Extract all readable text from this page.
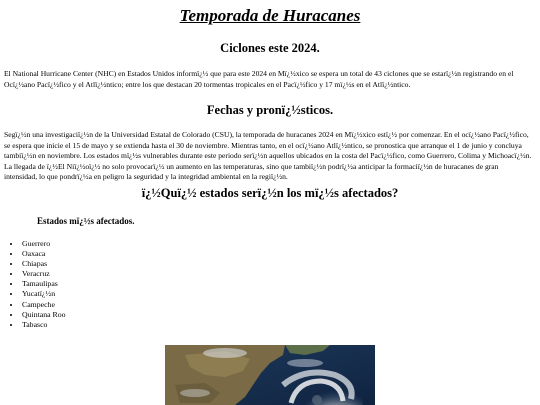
Temporada de Huracanes
Ciclones este 2024.

El National Hurricane Center (NHC) en Estados Unidos informï¿½ que para este 2024 en Mï¿½xico se espera un total de 43 ciclones que se estarï¿½n registrando en el Ocï¿½ano Pacï¿½fico y el Atlï¿½ntico; entre los que destacan 20 tormentas tropicales en el Pacï¿½fico y 17 mï¿½s en el Atlï¿½ntico.

Fechas y pronï¿½sticos.

Segï¿½n una investigaciï¿½n de la Universidad Estatal de Colorado (CSU), la temporada de huracanes 2024 en Mï¿½xico estï¿½ por comenzar. En el ocï¿½ano Pacï¿½fico, se espera que inicie el 15 de mayo y se extienda hasta el 30 de noviembre. Mientras tanto, en el ocï¿½ano Atlï¿½ntico, se pronostica que arranque el 1 de junio y concluya tambiï¿½n en noviembre. Los estados mï¿½s vulnerables durante este periodo serï¿½n aquellos ubicados en la costa del Pacï¿½fico, como Guerrero, Colima y Michoacï¿½n. La llegada de ï¿½El Niï¿½oï¿½ no solo provocarï¿½ un aumento en las temperaturas, sino que tambiï¿½n podrï¿½a anticipar la formaciï¿½n de huracanes de gran intensidad, lo que pondrï¿½a en peligro la seguridad y la integridad ambiental en la regiï¿½n.

ï¿½Quï¿½ estados serï¿½n los mï¿½s afectados?
Estados mï¿½s afectados.
• Guerrero
• Oaxaca
• Chiapas
• Veracruz
• Tamaulipas
• Yucatï¿½n
• Campeche
• Quintana Roo
• Tabasco
